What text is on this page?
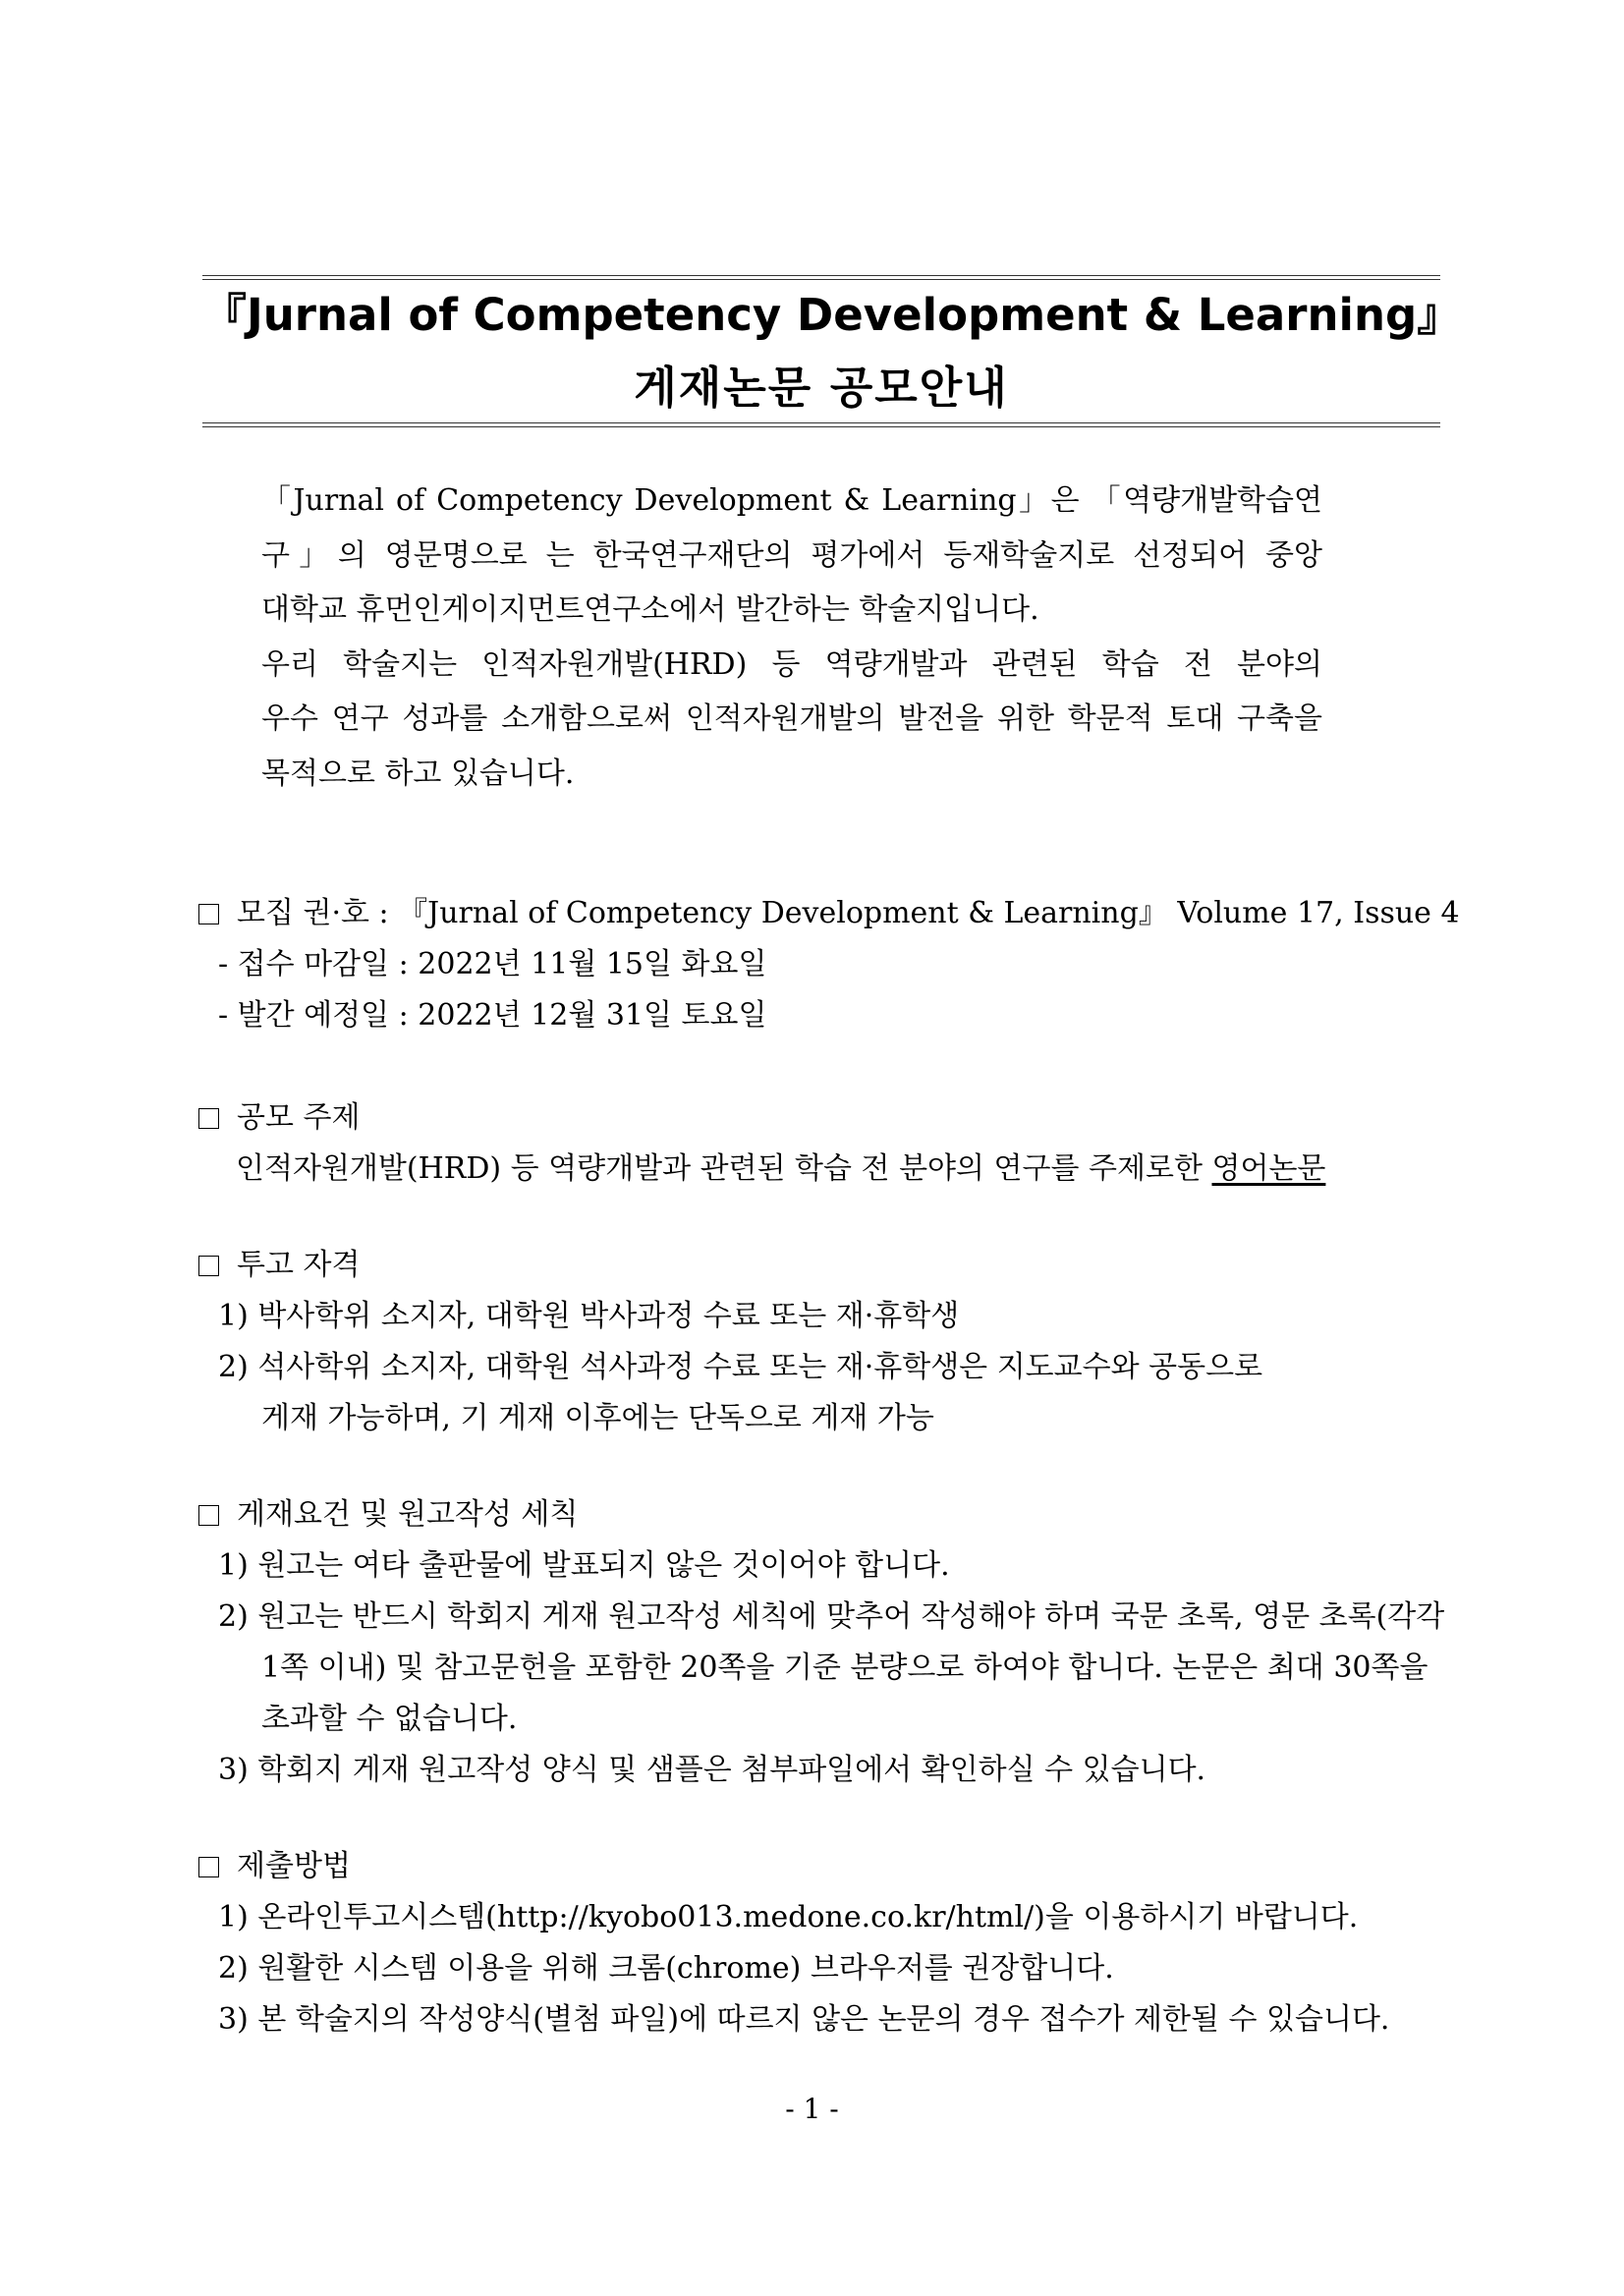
『Jurnal of Competency Development & Learning』
게재논문 공모안내

「Jurnal of Competency Development & Learning」은 「역량개발학습연

구」의 영문명으로 는 한국연구재단의 평가에서 등재학술지로 선정되어 중앙

대학교 휴먼인게이지먼트연구소에서 발간하는 학술지입니다.

우리 학술지는 인적자원개발(HRD) 등 역량개발과 관련된 학습 전 분야의

우수 연구 성과를 소개함으로써 인적자원개발의 발전을 위한 학문적 토대 구축을

목적으로 하고 있습니다.

모집 권·호 : 『Jurnal of Competency Development & Learning』 Volume 17, Issue 4
- 접수 마감일 : 2022년 11월 15일 화요일
- 발간 예정일 : 2022년 12월 31일 토요일
공모 주제
인적자원개발(HRD) 등 역량개발과 관련된 학습 전 분야의 연구를 주제로한 영어논문
투고 자격
1) 박사학위 소지자, 대학원 박사과정 수료 또는 재·휴학생
2) 석사학위 소지자, 대학원 석사과정 수료 또는 재·휴학생은 지도교수와 공동으로
게재 가능하며, 기 게재 이후에는 단독으로 게재 가능
게재요건 및 원고작성 세칙
1) 원고는 여타 출판물에 발표되지 않은 것이어야 합니다.
2) 원고는 반드시 학회지 게재 원고작성 세칙에 맞추어 작성해야 하며 국문 초록, 영문 초록(각각
1쪽 이내) 및 참고문헌을 포함한 20쪽을 기준 분량으로 하여야 합니다. 논문은 최대 30쪽을
초과할 수 없습니다.
3) 학회지 게재 원고작성 양식 및 샘플은 첨부파일에서 확인하실 수 있습니다.
제출방법
1) 온라인투고시스템(http://kyobo013.medone.co.kr/html/)을 이용하시기 바랍니다.
2) 원활한 시스템 이용을 위해 크롬(chrome) 브라우저를 권장합니다.
3) 본 학술지의 작성양식(별첨 파일)에 따르지 않은 논문의 경우 접수가 제한될 수 있습니다.
- 1 -
